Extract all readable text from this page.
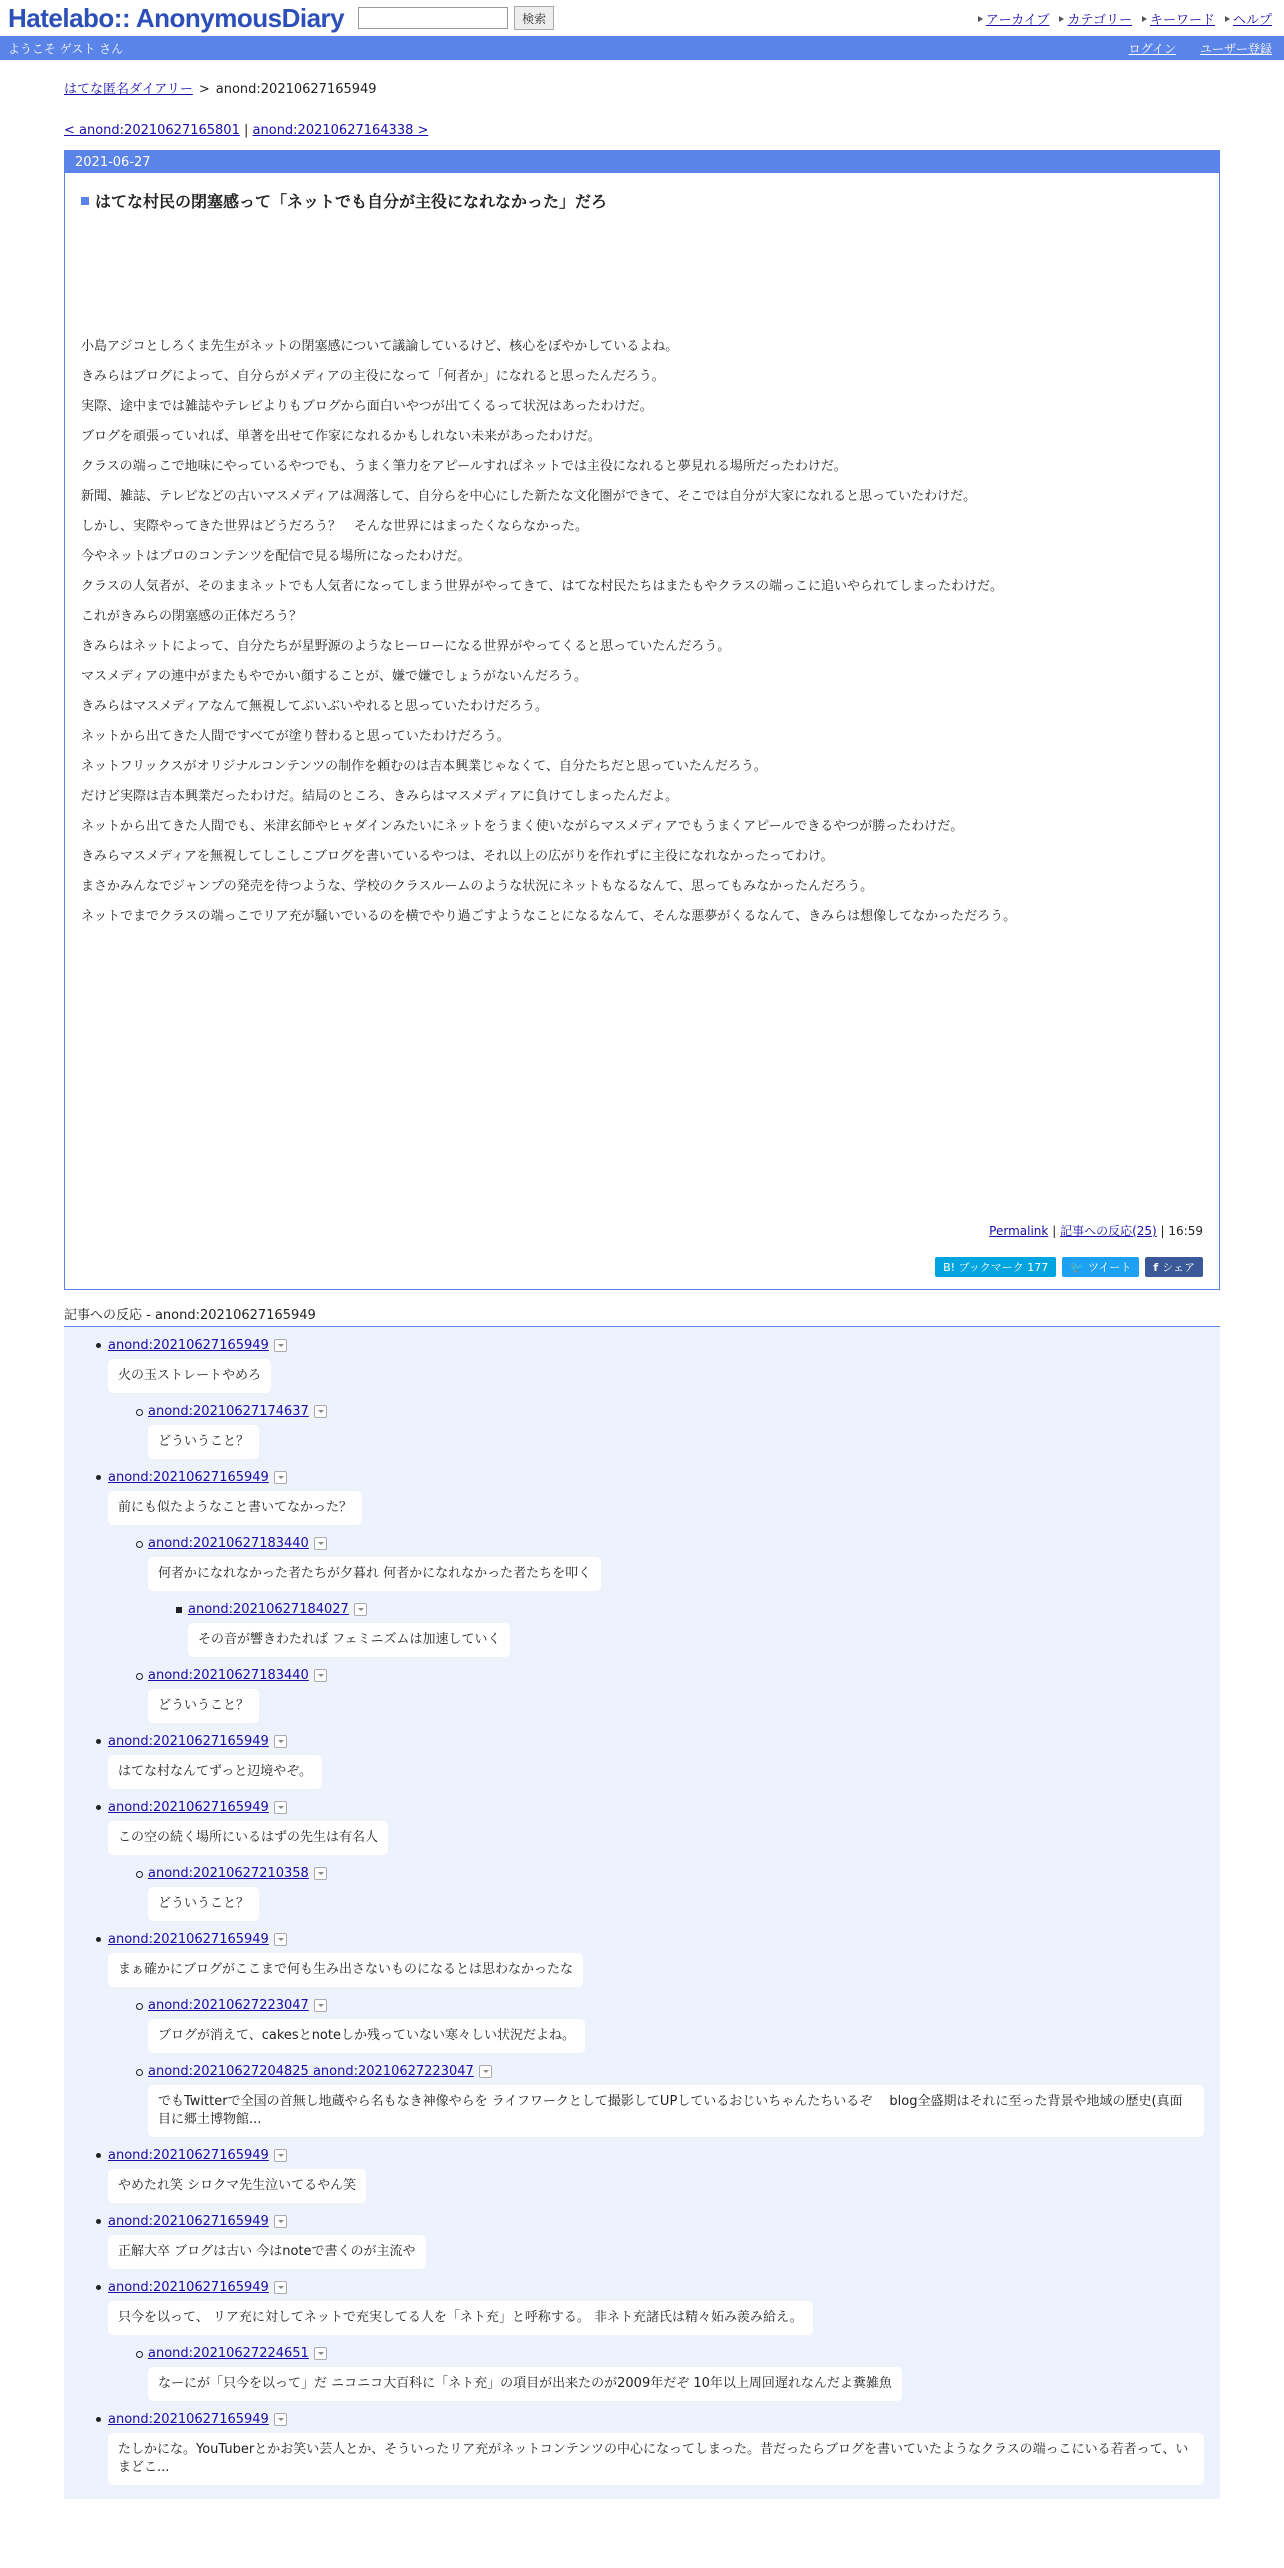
Hatelabo:: AnonymousDiary	検索	アーカイブ カテゴリー キーワード ヘルプ
ようこそ ゲスト さん	ログイン ユーザー登録
はてな匿名ダイアリー > anond:20210627165949
< anond:20210627165801 | anond:20210627164338 >
2021-06-27
はてな村民の閉塞感って「ネットでも自分が主役になれなかった」だろ

小島アジコとしろくま先生がネットの閉塞感について議論しているけど、核心をぼやかしているよね。

きみらはブログによって、自分らがメディアの主役になって「何者か」になれると思ったんだろう。

実際、途中までは雑誌やテレビよりもブログから面白いやつが出てくるって状況はあったわけだ。

ブログを頑張っていれば、単著を出せて作家になれるかもしれない未来があったわけだ。

クラスの端っこで地味にやっているやつでも、うまく筆力をアピールすればネットでは主役になれると夢見れる場所だったわけだ。

新聞、雑誌、テレビなどの古いマスメディアは凋落して、自分らを中心にした新たな文化圏ができて、そこでは自分が大家になれると思っていたわけだ。

しかし、実際やってきた世界はどうだろう？　そんな世界にはまったくならなかった。

今やネットはプロのコンテンツを配信で見る場所になったわけだ。

クラスの人気者が、そのままネットでも人気者になってしまう世界がやってきて、はてな村民たちはまたもやクラスの端っこに追いやられてしまったわけだ。

これがきみらの閉塞感の正体だろう？

きみらはネットによって、自分たちが星野源のようなヒーローになる世界がやってくると思っていたんだろう。

マスメディアの連中がまたもやでかい顔することが、嫌で嫌でしょうがないんだろう。

きみらはマスメディアなんて無視してぶいぶいやれると思っていたわけだろう。

ネットから出てきた人間ですべてが塗り替わると思っていたわけだろう。

ネットフリックスがオリジナルコンテンツの制作を頼むのは吉本興業じゃなくて、自分たちだと思っていたんだろう。

だけど実際は吉本興業だったわけだ。結局のところ、きみらはマスメディアに負けてしまったんだよ。

ネットから出てきた人間でも、米津玄師やヒャダインみたいにネットをうまく使いながらマスメディアでもうまくアピールできるやつが勝ったわけだ。

きみらマスメディアを無視してしこしこブログを書いているやつは、それ以上の広がりを作れずに主役になれなかったってわけ。

まさかみんなでジャンプの発売を待つような、学校のクラスルームのような状況にネットもなるなんて、思ってもみなかったんだろう。

ネットでまでクラスの端っこでリア充が騒いでいるのを横でやり過ごすようなことになるなんて、そんな悪夢がくるなんて、きみらは想像してなかっただろう。

Permalink | 記事への反応(25) | 16:59
B! ブックマーク 177	🐦 ツイート f シェア
記事への反応 - anond:20210627165949
anond:20210627165949
火の玉ストレートやめろ
anond:20210627174637
どういうこと？
anond:20210627165949
前にも似たようなこと書いてなかった？
anond:20210627183440
何者かになれなかった者たちが夕暮れ 何者かになれなかった者たちを叩く
anond:20210627184027
その音が響きわたれば フェミニズムは加速していく
anond:20210627183440
どういうこと？
anond:20210627165949
はてな村なんてずっと辺境やぞ。
anond:20210627165949
この空の続く場所にいるはずの先生は有名人
anond:20210627210358
どういうこと？
anond:20210627165949
まぁ確かにブログがここまで何も生み出さないものになるとは思わなかったな
anond:20210627223047
ブログが消えて、cakesとnoteしか残っていない寒々しい状況だよね。
anond:20210627204825 anond:20210627223047
でもTwitterで全国の首無し地蔵やら名もなき神像やらを ライフワークとして撮影してUPしているおじいちゃんたちいるぞ　 blog全盛期はそれに至った背景や地域の歴史(真面目に郷土博物館...
anond:20210627165949
やめたれ笑 シロクマ先生泣いてるやん笑
anond:20210627165949
正解大卒 ブログは古い 今はnoteで書くのが主流や
anond:20210627165949
只今を以って、 リア充に対してネットで充実してる人を「ネト充」と呼称する。 非ネト充諸氏は精々妬み羨み給え。
anond:20210627224651
なーにが「只今を以って」だ ニコニコ大百科に「ネト充」の項目が出来たのが2009年だぞ 10年以上周回遅れなんだよ糞雑魚
anond:20210627165949
たしかにな。YouTuberとかお笑い芸人とか、そういったリア充がネットコンテンツの中心になってしまった。昔だったらブログを書いていたようなクラスの端っこにいる若者って、いまどこ...
